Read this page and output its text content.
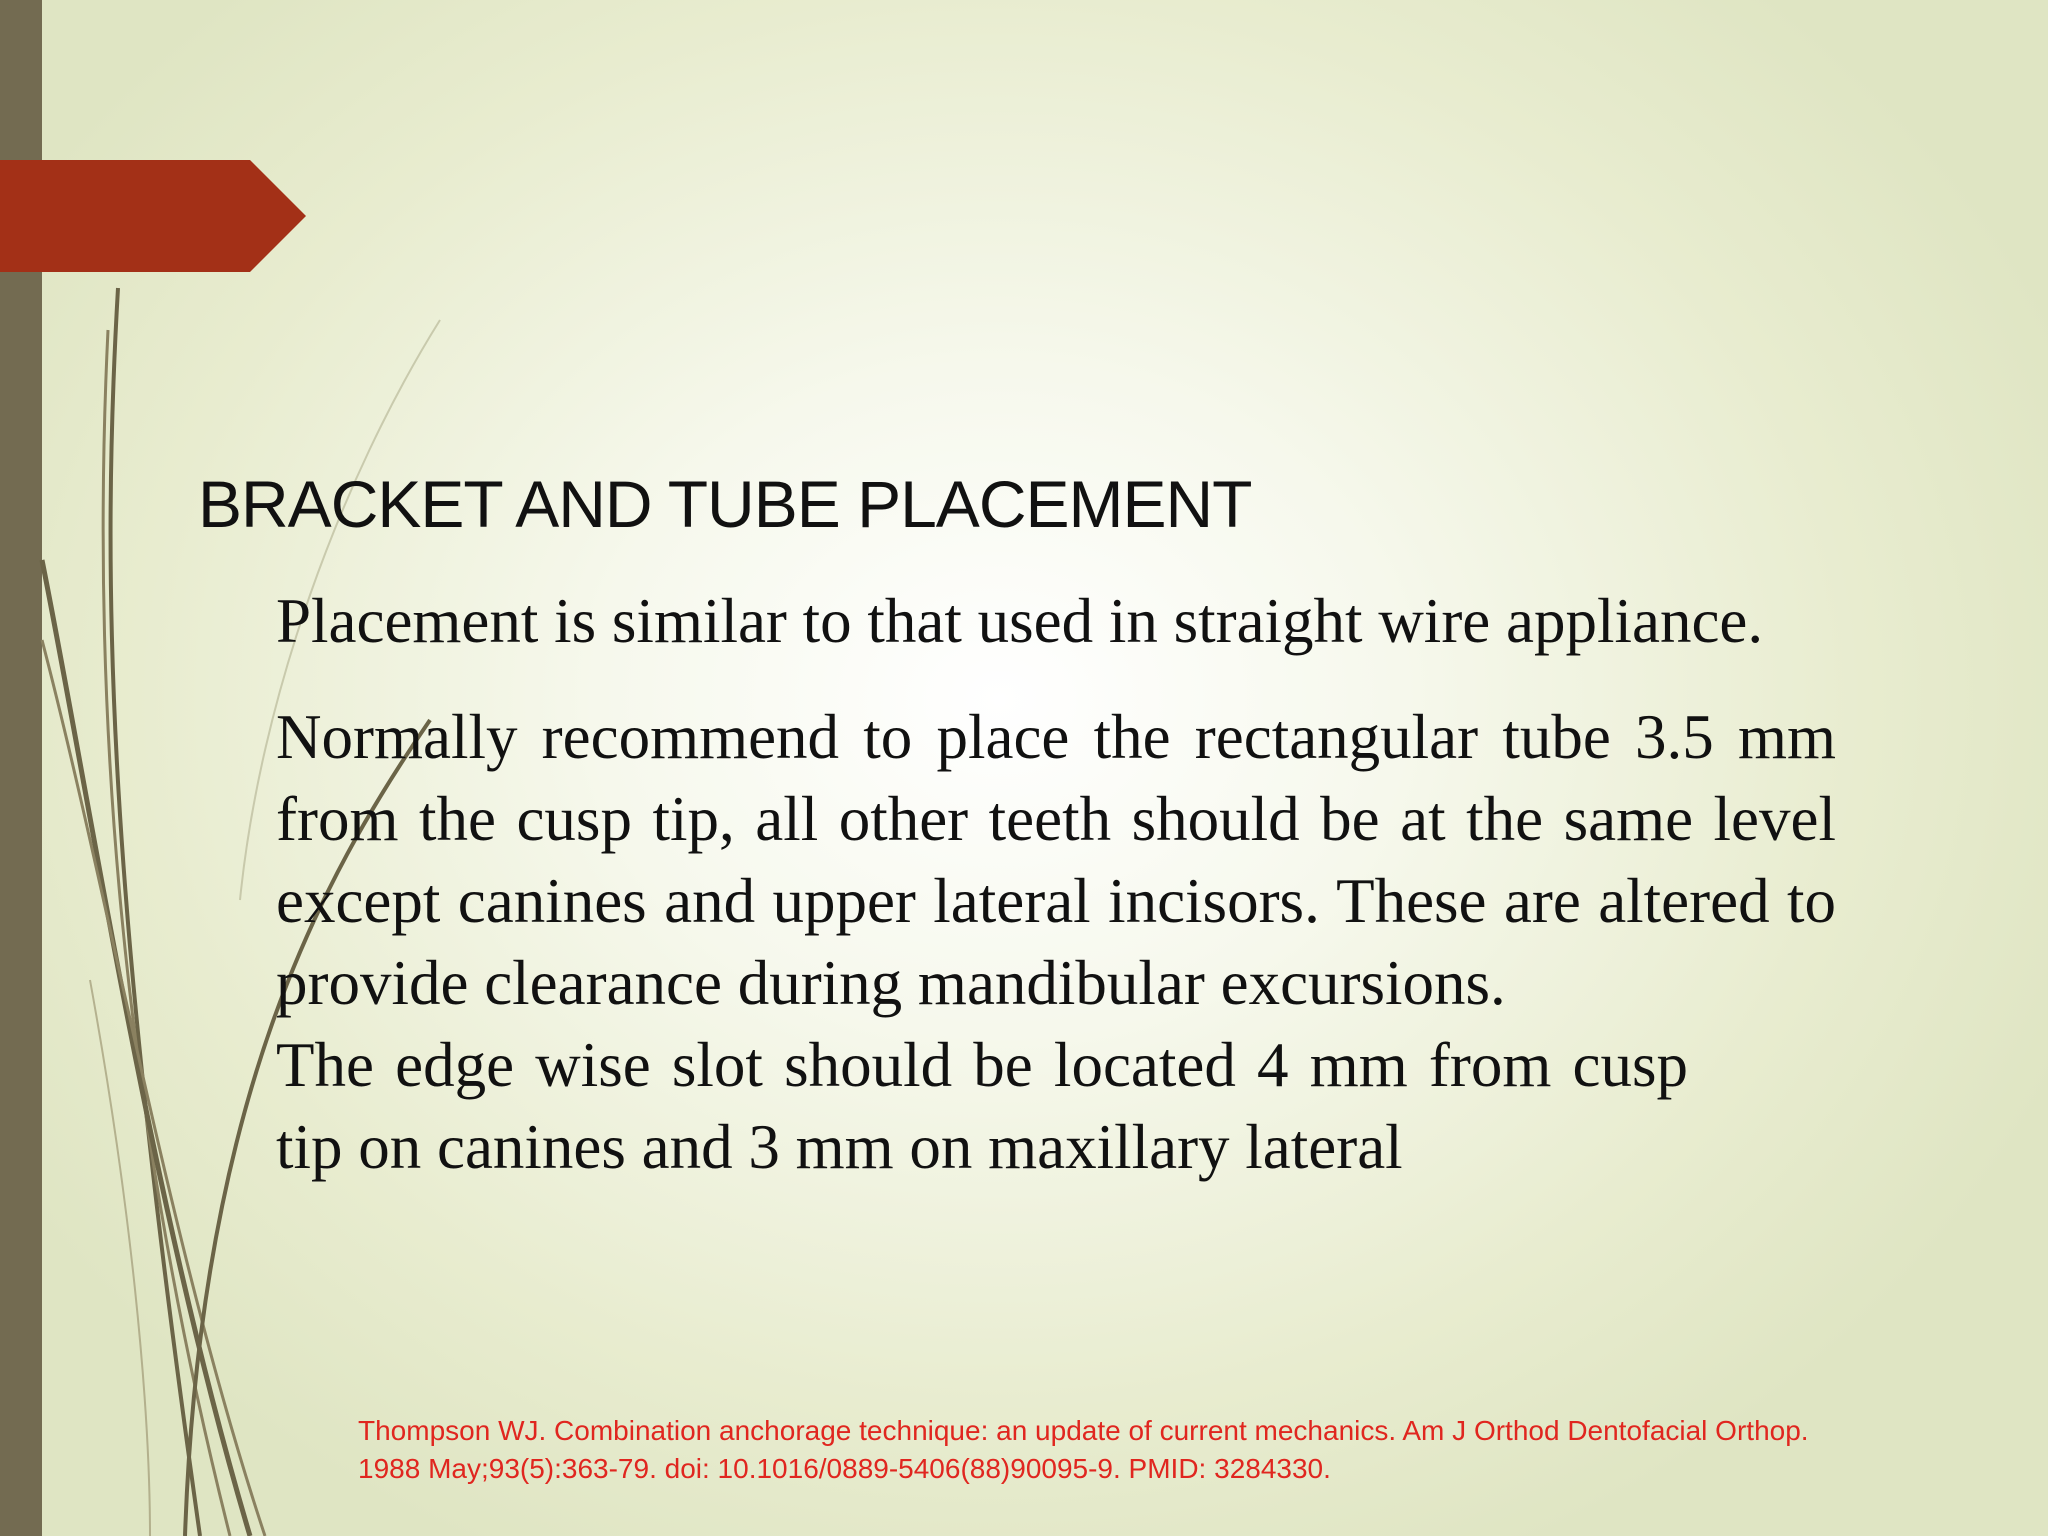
BRACKET AND TUBE PLACEMENT

Placement is similar to that used in straight wire appliance.

Normally recommend to place the rectangular tube 3.5 mm from the cusp tip, all other teeth should be at the same level except canines and upper lateral incisors. These are altered to provide clearance during mandibular excursions.

The edge wise slot should be located 4 mm from cusp tip on canines and 3 mm on maxillary lateral

Thompson WJ. Combination anchorage technique: an update of current mechanics. Am J Orthod Dentofacial Orthop. 1988 May;93(5):363-79. doi: 10.1016/0889-5406(88)90095-9. PMID: 3284330.
